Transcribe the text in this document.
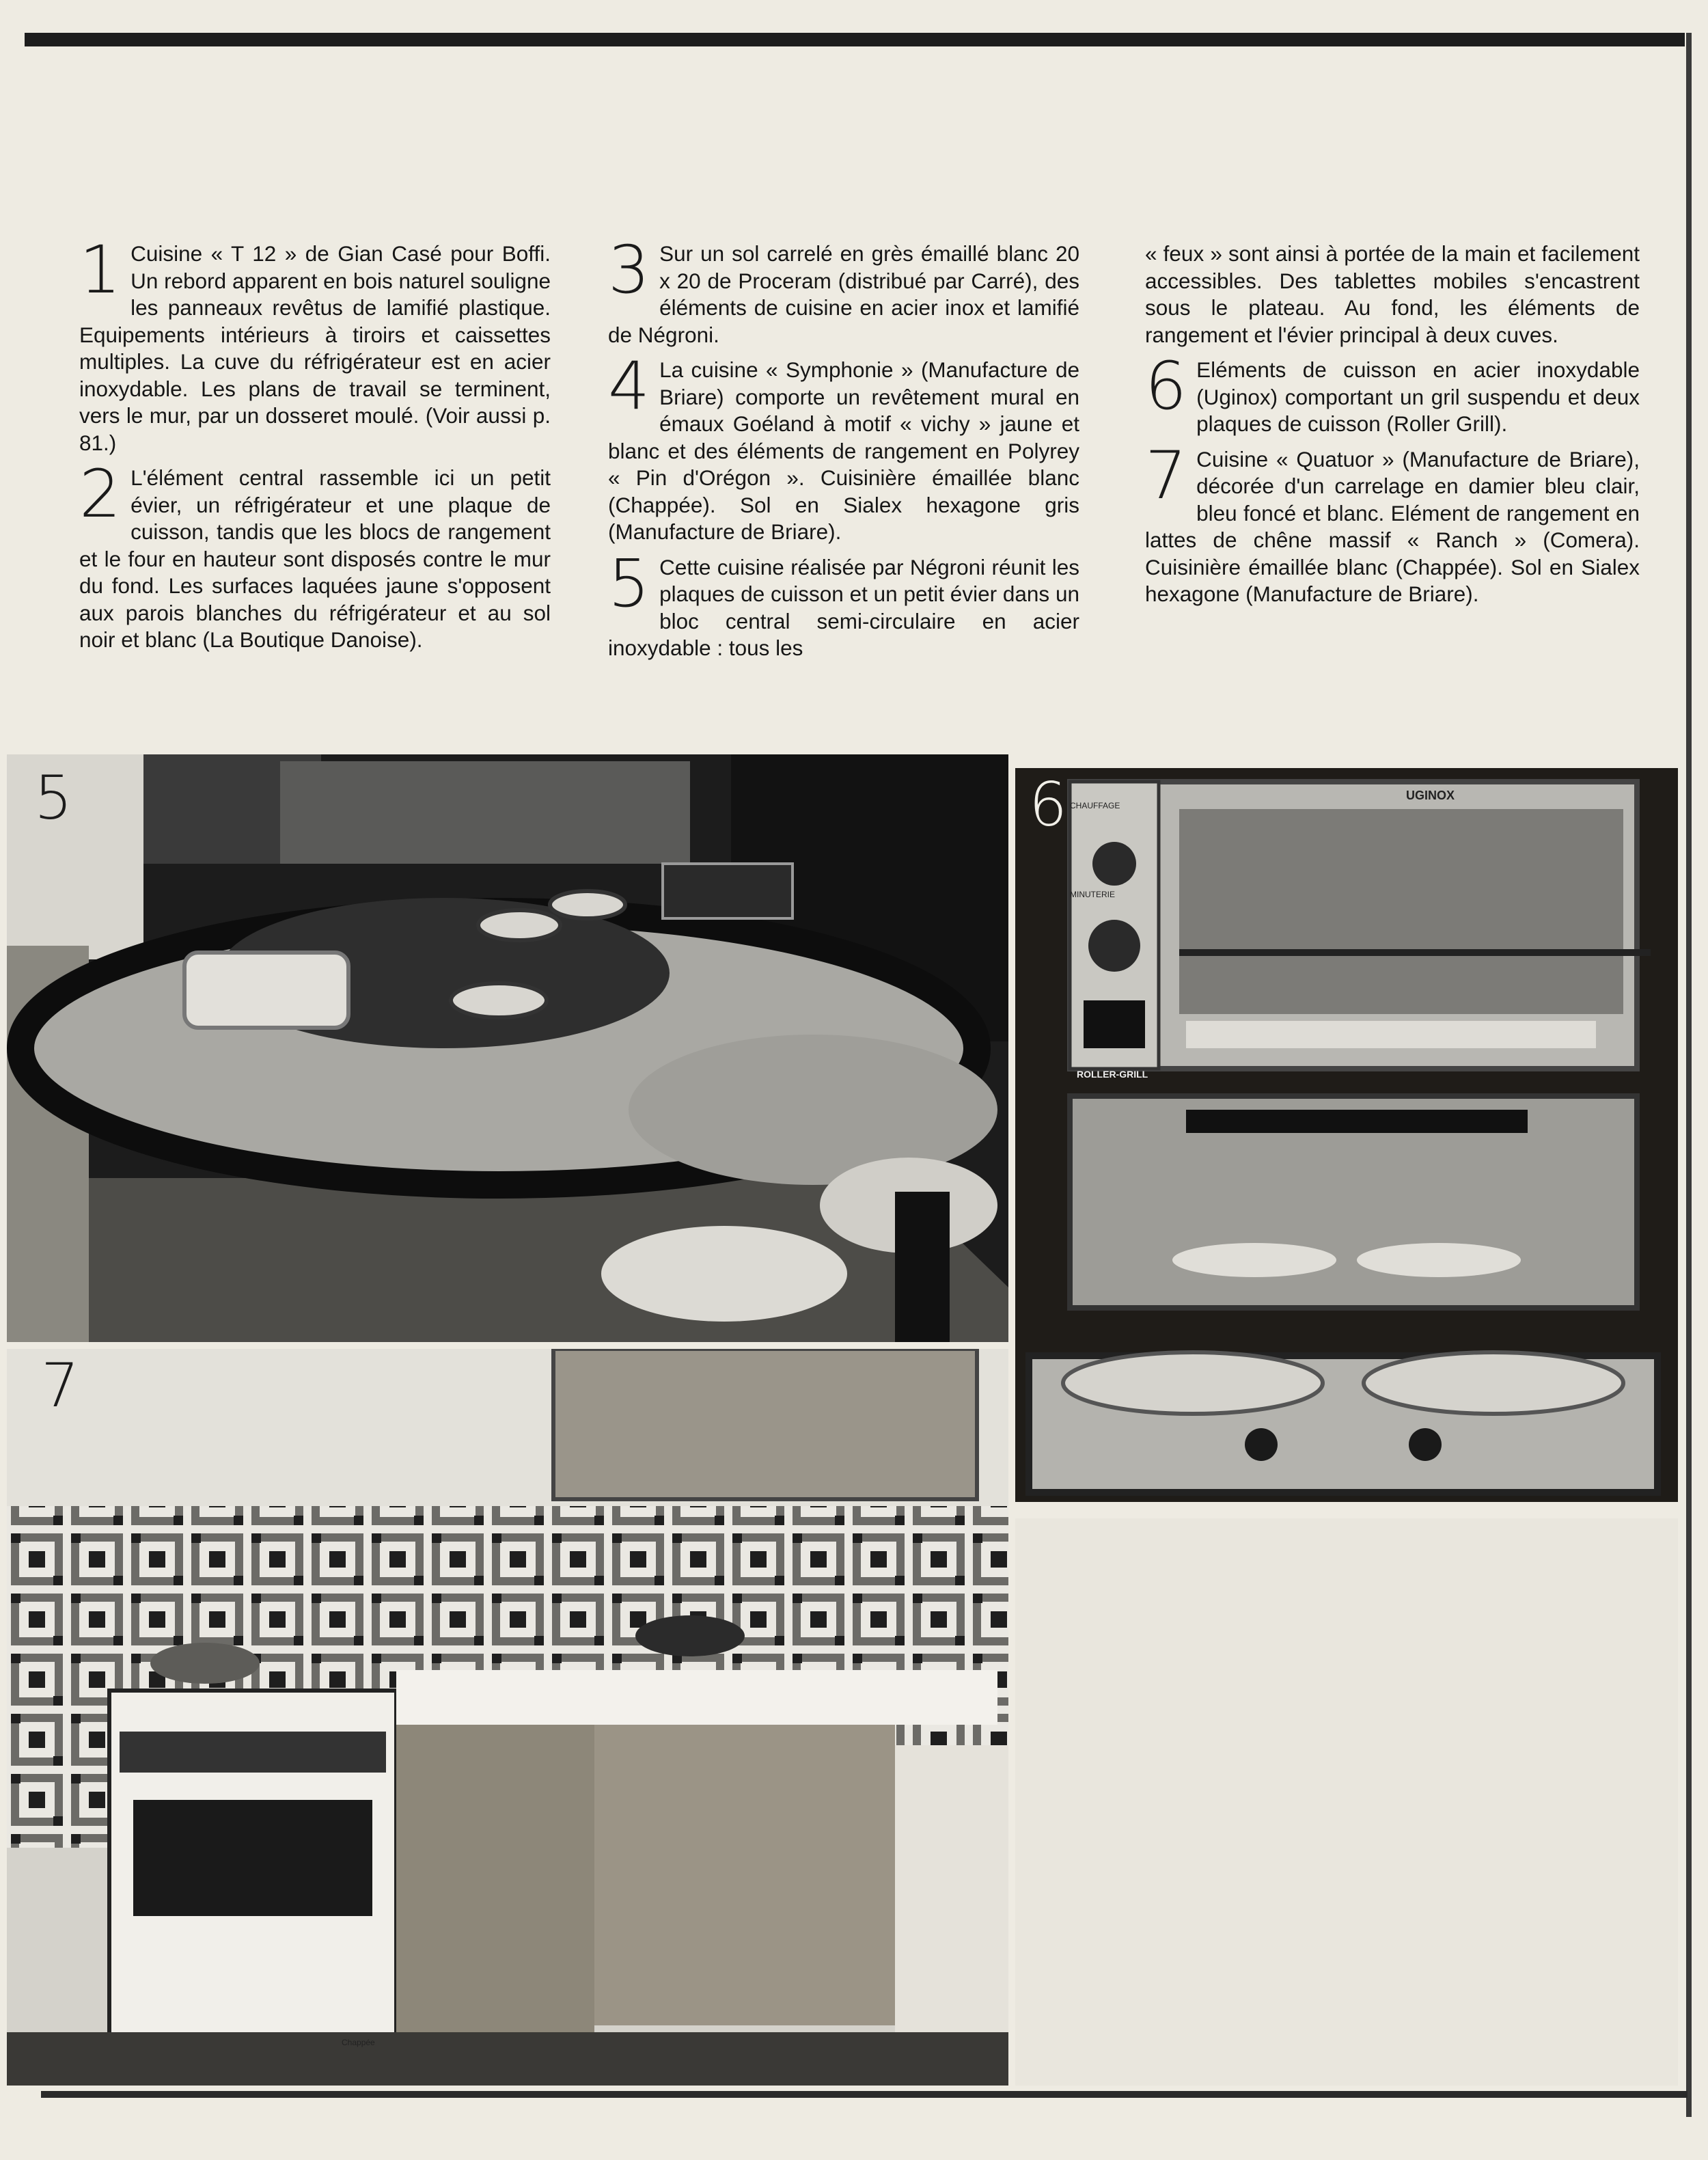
1 Cuisine « T 12 » de Gian Casé pour Boffi. Un rebord apparent en bois naturel souligne les panneaux revêtus de lamifié plastique. Equipements intérieurs à tiroirs et caissettes multiples. La cuve du réfrigérateur est en acier inoxydable. Les plans de travail se terminent, vers le mur, par un dosseret moulé. (Voir aussi p. 81.)

2 L'élément central rassemble ici un petit évier, un réfrigérateur et une plaque de cuisson, tandis que les blocs de rangement et le four en hauteur sont disposés contre le mur du fond. Les surfaces laquées jaune s'opposent aux parois blanches du réfrigérateur et au sol noir et blanc (La Boutique Danoise).

3 Sur un sol carrelé en grès émaillé blanc 20 x 20 de Proceram (distribué par Carré), des éléments de cuisine en acier inox et lamifié de Négroni.

4 La cuisine « Symphonie » (Manufacture de Briare) comporte un revêtement mural en émaux Goéland à motif « vichy » jaune et blanc et des éléments de rangement en Polyrey « Pin d'Orégon ». Cuisinière émaillée blanc (Chappée). Sol en Sialex hexagone gris (Manufacture de Briare).

5 Cette cuisine réalisée par Négroni réunit les plaques de cuisson et un petit évier dans un bloc central semi-circulaire en acier inoxydable : tous les

« feux » sont ainsi à portée de la main et facilement accessibles. Des tablettes mobiles s'encastrent sous le plateau. Au fond, les éléments de rangement et l'évier principal à deux cuves.

6 Eléments de cuisson en acier inoxydable (Uginox) comportant un gril suspendu et deux plaques de cuisson (Roller Grill).

7 Cuisine « Quatuor » (Manufacture de Briare), décorée d'un carrelage en damier bleu clair, bleu foncé et blanc. Elément de rangement en lattes de chêne massif « Ranch » (Comera). Cuisinière émaillée blanc (Chappée). Sol en Sialex hexagone (Manufacture de Briare).

5	6	UGINOX
CHAUFFAGE
MINUTERIE
ROLLER-GRILL
7
Chappée
